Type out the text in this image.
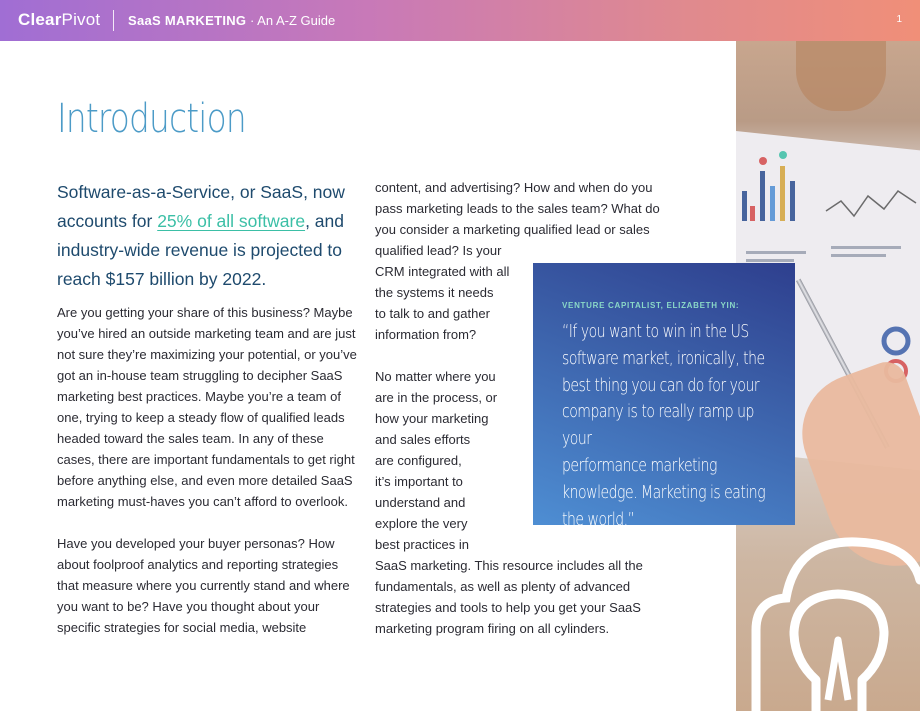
ClearPivot SaaS MARKETING · An A-Z Guide	1
Introduction
Software-as-a-Service, or SaaS, now accounts for 25% of all software, and industry-wide revenue is projected to reach $157 billion by 2022.

Are you getting your share of this business? Maybe you’ve hired an outside marketing team and are just not sure they’re maximizing your potential, or you’ve got an in-house team struggling to decipher SaaS marketing best practices. Maybe you’re a team of one, trying to keep a steady flow of qualified leads headed toward the sales team. In any of these cases, there are important fundamentals to get right before anything else, and even more detailed SaaS marketing must-haves you can’t afford to overlook.

Have you developed your buyer personas? How about foolproof analytics and reporting strategies that measure where you currently stand and where you want to be? Have you thought about your specific strategies for social media, website

content, and advertising? How and when do you
pass marketing leads to the sales team? What do
you consider a marketing qualified lead or sales
qualified lead? Is your
CRM integrated with all
the systems it needs
to talk to and gather
information from?

No matter where you
are in the process, or
how your marketing
and sales efforts
are configured,
it’s important to
understand and
explore the very
best practices in
SaaS marketing. This resource includes all the
fundamentals, as well as plenty of advanced
strategies and tools to help you get your SaaS
marketing program firing on all cylinders.

VENTURE CAPITALIST, ELIZABETH YIN:
“If you want to win in the US
software market, ironically, the
best thing you can do for your
company is to really ramp up your
performance marketing
knowledge. Marketing is eating
the world.”
